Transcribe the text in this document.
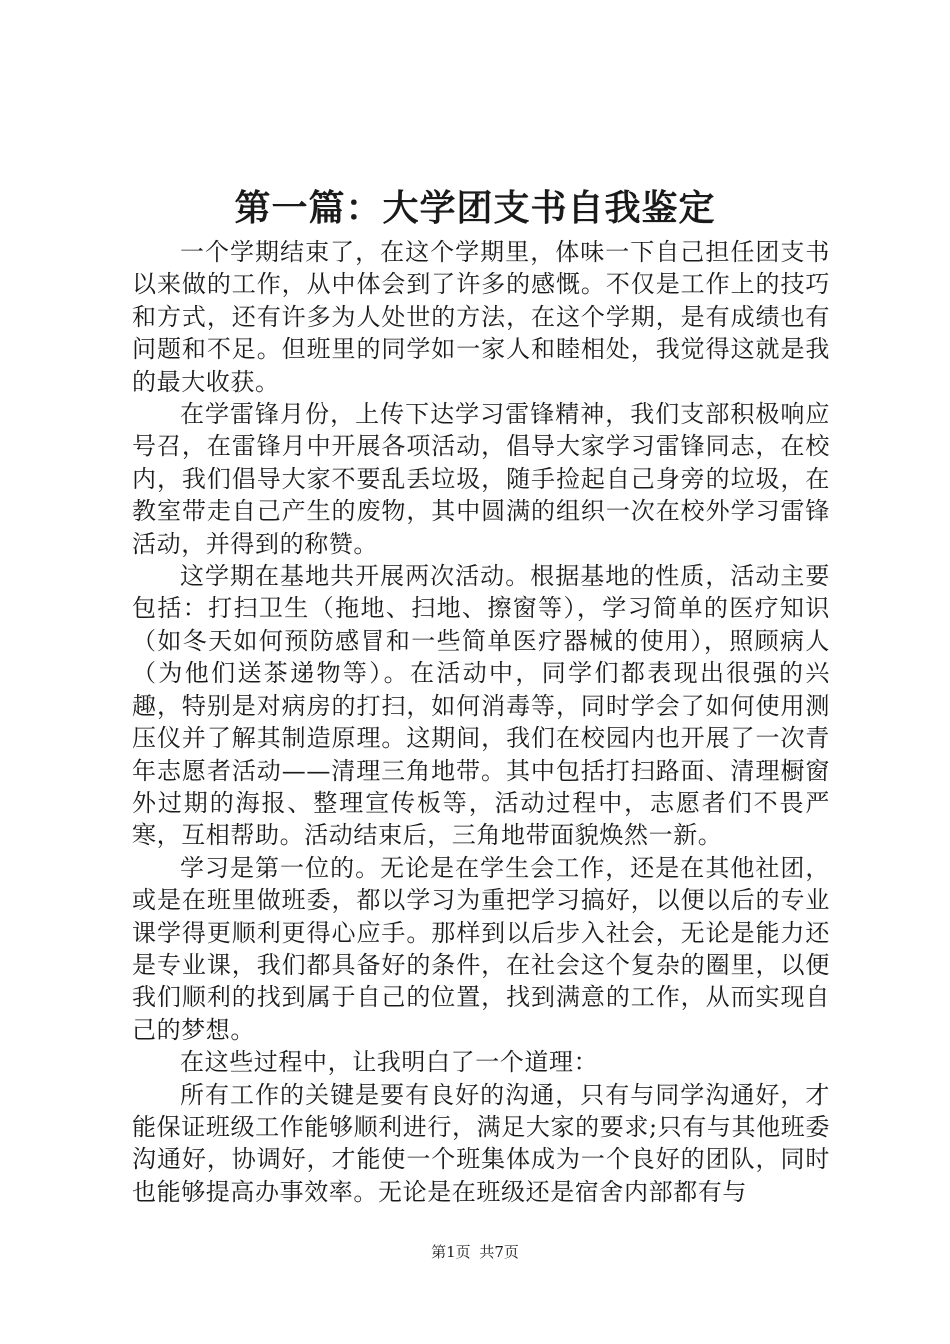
第一篇：大学团支书自我鉴定

一个学期结束了，在这个学期里，体味一下自己担任团支书以来做的工作，从中体会到了许多的感慨。不仅是工作上的技巧和方式，还有许多为人处世的方法，在这个学期，是有成绩也有问题和不足。但班里的同学如一家人和睦相处，我觉得这就是我的最大收获。

在学雷锋月份，上传下达学习雷锋精神，我们支部积极响应号召，在雷锋月中开展各项活动，倡导大家学习雷锋同志，在校内，我们倡导大家不要乱丢垃圾，随手捡起自己身旁的垃圾，在教室带走自己产生的废物，其中圆满的组织一次在校外学习雷锋活动，并得到的称赞。

这学期在基地共开展两次活动。根据基地的性质，活动主要包括：打扫卫生（拖地、扫地、擦窗等），学习简单的医疗知识（如冬天如何预防感冒和一些简单医疗器械的使用），照顾病人（为他们送茶递物等）。在活动中，同学们都表现出很强的兴趣，特别是对病房的打扫，如何消毒等，同时学会了如何使用测压仪并了解其制造原理。这期间，我们在校园内也开展了一次青年志愿者活动——清理三角地带。其中包括打扫路面、清理橱窗外过期的海报、整理宣传板等，活动过程中，志愿者们不畏严寒，互相帮助。活动结束后，三角地带面貌焕然一新。

学习是第一位的。无论是在学生会工作，还是在其他社团，或是在班里做班委，都以学习为重把学习搞好，以便以后的专业课学得更顺利更得心应手。那样到以后步入社会，无论是能力还是专业课，我们都具备好的条件，在社会这个复杂的圈里，以便我们顺利的找到属于自己的位置，找到满意的工作，从而实现自己的梦想。

在这些过程中，让我明白了一个道理：

所有工作的关键是要有良好的沟通，只有与同学沟通好，才能保证班级工作能够顺利进行，满足大家的要求;只有与其他班委沟通好，协调好，才能使一个班集体成为一个良好的团队，同时也能够提高办事效率。无论是在班级还是宿舍内部都有与

第1页 共7页
